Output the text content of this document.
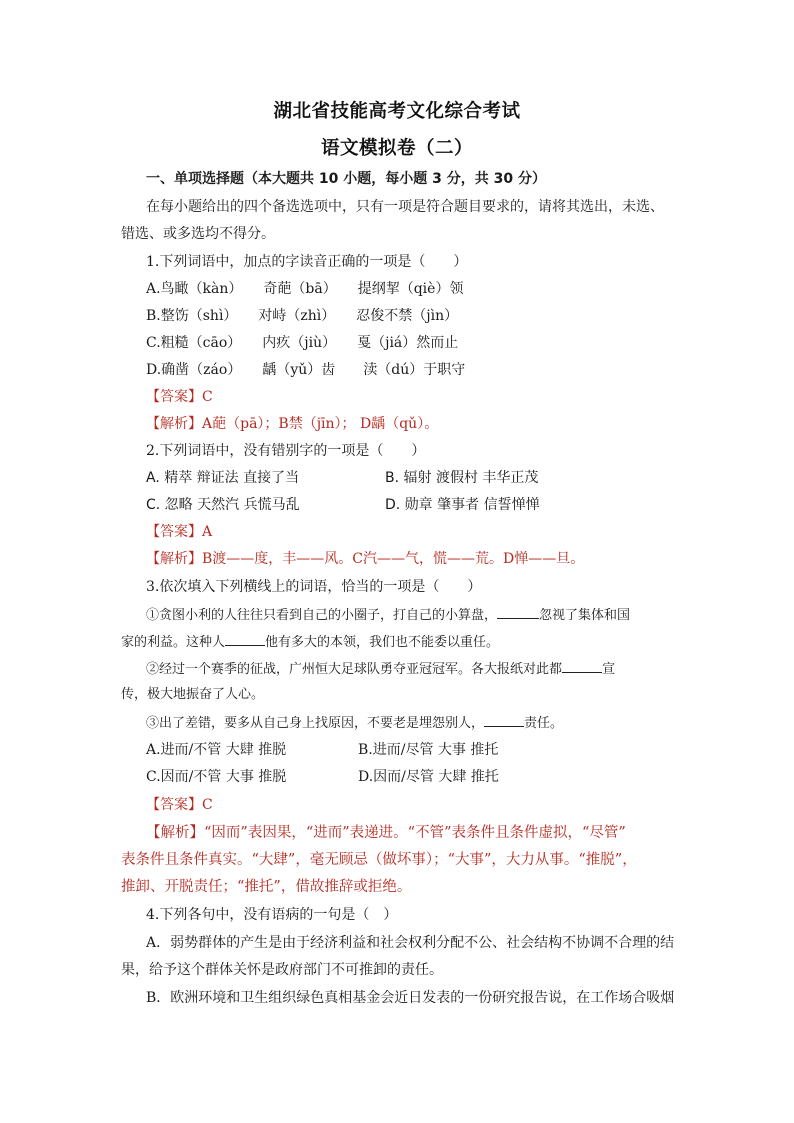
湖北省技能高考文化综合考试
语文模拟卷（二）
一、单项选择题（本大题共 10 小题，每小题 3 分，共 30 分）
在每小题给出的四个备选选项中，只有一项是符合题目要求的，请将其选出，未选、
错选、或多选均不得分。
1.下列词语中，加点的字读音正确的一项是（　　）
A.鸟瞰（kàn）　　奇葩（bā）　　提纲挈（qiè）领
B.整饬（shì）　　对峙（zhì）　　忍俊不禁（jìn）
C.粗糙（cāo）　　内疚（jiù）　　戛（jiá）然而止
D.确凿（záo）　　龋（yǔ）齿　　渎（dú）于职守
【答案】C
【解析】A葩（pā）；B禁（jīn）； D龋（qǔ）。
2.下列词语中，没有错别字的一项是（　　）
A. 精萃 辩证法 直接了当	B. 辐射 渡假村 丰华正茂
C. 忽略 天然汽 兵慌马乱	D. 勋章 肇事者 信誓惮惮
【答案】A
【解析】B渡——度，丰——风。C汽——气，慌——荒。D惮——旦。
3.依次填入下列横线上的词语，恰当的一项是（　　）
①贪图小利的人往往只看到自己的小圈子，打自己的小算盘，	忽视了集体和国
家的利益。这种人	他有多大的本领，我们也不能委以重任。
②经过一个赛季的征战，广州恒大足球队勇夺亚冠冠军。各大报纸对此都	宣
传，极大地振奋了人心。
③出了差错，要多从自己身上找原因，不要老是埋怨别人，	责任。
A.进而/不管 大肆 推脱	B.进而/尽管 大事 推托
C.因而/不管 大事 推脱	D.因而/尽管 大肆 推托
【答案】C
【解析】“因而”表因果，“进而”表递进。“不管”表条件且条件虚拟，“尽管”
表条件且条件真实。“大肆”，毫无顾忌（做坏事）；“大事”，大力从事。“推脱”，
推卸、开脱责任；“推托”，借故推辞或拒绝。
4.下列各句中，没有语病的一句是（　）
A．弱势群体的产生是由于经济利益和社会权利分配不公、社会结构不协调不合理的结
果，给予这个群体关怀是政府部门不可推卸的责任。
B．欧洲环境和卫生组织绿色真相基金会近日发表的一份研究报告说，在工作场合吸烟
